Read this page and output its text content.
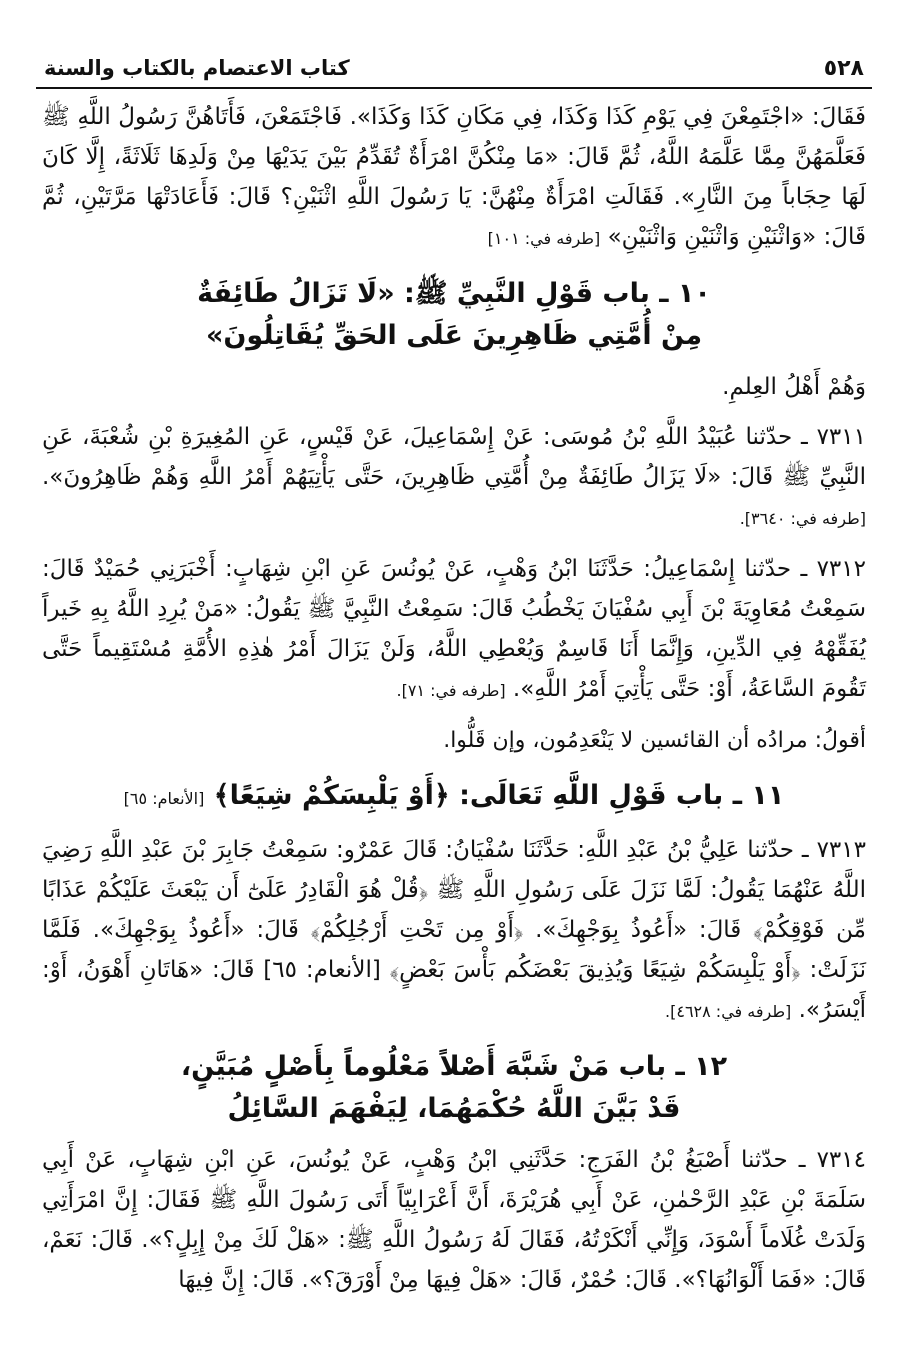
٥٢٨
كتاب الاعتصام بالكتاب والسنة

فَقَالَ: «اجْتَمِعْنَ فِي يَوْمِ كَذَا وَكَذَا، فِي مَكَانِ كَذَا وَكَذَا». فَاجْتَمَعْنَ، فَأَتَاهُنَّ رَسُولُ اللَّهِ ﷺ فَعَلَّمَهُنَّ مِمَّا عَلَّمَهُ اللَّهُ، ثُمَّ قَالَ: «مَا مِنْكُنَّ امْرَأَةٌ تُقَدِّمُ بَيْنَ يَدَيْهَا مِنْ وَلَدِهَا ثَلَاثَةً، إِلَّا كَانَ لَهَا حِجَاباً مِنَ النَّارِ». فَقَالَتِ امْرَأَةٌ مِنْهُنَّ: يَا رَسُولَ اللَّهِ اثْنَيْنِ؟ قَالَ: فَأَعَادَتْهَا مَرَّتَيْنِ، ثُمَّ قَالَ: «وَاثْنَيْنِ وَاثْنَيْنِ وَاثْنَيْنِ» [طرفه في: ١٠١]

١٠ ـ باب قَوْلِ النَّبِيِّ ﷺ: «لَا تَزَالُ طَائِفَةٌ
مِنْ أُمَّتِي ظَاهِرِينَ عَلَى الحَقِّ يُقَاتِلُونَ»

وَهُمْ أَهْلُ العِلمِ.

٧٣١١ ـ حدّثنا عُبَيْدُ اللَّهِ بْنُ مُوسَى: عَنْ إِسْمَاعِيلَ، عَنْ قَيْسٍ، عَنِ المُغِيرَةِ بْنِ شُعْبَةَ، عَنِ النَّبِيِّ ﷺ قَالَ: «لَا يَزَالُ طَائِفَةٌ مِنْ أُمَّتِي ظَاهِرِينَ، حَتَّى يَأْتِيَهُمْ أَمْرُ اللَّهِ وَهُمْ ظَاهِرُونَ». [طرفه في: ٣٦٤٠].

٧٣١٢ ـ حدّثنا إِسْمَاعِيلُ: حَدَّثَنَا ابْنُ وَهْبٍ، عَنْ يُونُسَ عَنِ ابْنِ شِهَابٍ: أَخْبَرَنِي حُمَيْدٌ قَالَ: سَمِعْتُ مُعَاوِيَةَ بْنَ أَبِي سُفْيَانَ يَخْطُبُ قَالَ: سَمِعْتُ النَّبِيَّ ﷺ يَقُولُ: «مَنْ يُرِدِ اللَّهُ بِهِ خَيراً يُفَقِّهْهُ فِي الدِّينِ، وَإِنَّمَا أَنَا قَاسِمٌ وَيُعْطِي اللَّهُ، وَلَنْ يَزَالَ أَمْرُ هٰذِهِ الأُمَّةِ مُسْتَقِيماً حَتَّى تَقُومَ السَّاعَةُ، أَوْ: حَتَّى يَأْتِيَ أَمْرُ اللَّهِ». [طرفه في: ٧١].

أقولُ: مرادُه أن القائسين لا يَنْعَدِمُون، وإن قَلُّوا.

١١ ـ باب قَوْلِ اللَّهِ تَعَالَى: ﴿أَوْ يَلْبِسَكُمْ شِيَعًا﴾ [الأنعام: ٦٥]

٧٣١٣ ـ حدّثنا عَلِيُّ بْنُ عَبْدِ اللَّهِ: حَدَّثَنَا سُفْيَانُ: قَالَ عَمْرٌو: سَمِعْتُ جَابِرَ بْنَ عَبْدِ اللَّهِ رَضِيَ اللَّهُ عَنْهُمَا يَقُولُ: لَمَّا نَزَلَ عَلَى رَسُولِ اللَّهِ ﷺ ﴿قُلْ هُوَ الْقَادِرُ عَلَىٰٓ أَن يَبْعَثَ عَلَيْكُمْ عَذَابًا مِّن فَوْقِكُمْ﴾ قَالَ: «أَعُوذُ بِوَجْهِكَ». ﴿أَوْ مِن تَحْتِ أَرْجُلِكُمْ﴾ قَالَ: «أَعُوذُ بِوَجْهِكَ». فَلَمَّا نَزَلَتْ: ﴿أَوْ يَلْبِسَكُمْ شِيَعًا وَيُذِيقَ بَعْضَكُم بَأْسَ بَعْضٍ﴾ [الأنعام: ٦٥] قَالَ: «هَاتَانِ أَهْوَنُ، أَوْ: أَيْسَرُ». [طرفه في: ٤٦٢٨].

١٢ ـ باب مَنْ شَبَّهَ أَصْلاً مَعْلُوماً بِأَصْلٍ مُبَيَّنٍ،
قَدْ بَيَّنَ اللَّهُ حُكْمَهُمَا، لِيَفْهَمَ السَّائِلُ

٧٣١٤ ـ حدّثنا أَصْبَغُ بْنُ الفَرَجِ: حَدَّثَنِي ابْنُ وَهْبٍ، عَنْ يُونُسَ، عَنِ ابْنِ شِهَابٍ، عَنْ أَبِي سَلَمَةَ بْنِ عَبْدِ الرَّحْمٰنِ، عَنْ أَبِي هُرَيْرَةَ، أَنَّ أَعْرَابِيّاً أَتَى رَسُولَ اللَّهِ ﷺ فَقَالَ: إِنَّ امْرَأَتِي وَلَدَتْ غُلَاماً أَسْوَدَ، وَإِنِّي أَنْكَرْتُهُ، فَقَالَ لَهُ رَسُولُ اللَّهِ ﷺ: «هَلْ لَكَ مِنْ إِبِلٍ؟». قَالَ: نَعَمْ، قَالَ: «فَمَا أَلْوَانُهَا؟». قَالَ: حُمْرٌ، قَالَ: «هَلْ فِيهَا مِنْ أَوْرَقَ؟». قَالَ: إِنَّ فِيهَا
